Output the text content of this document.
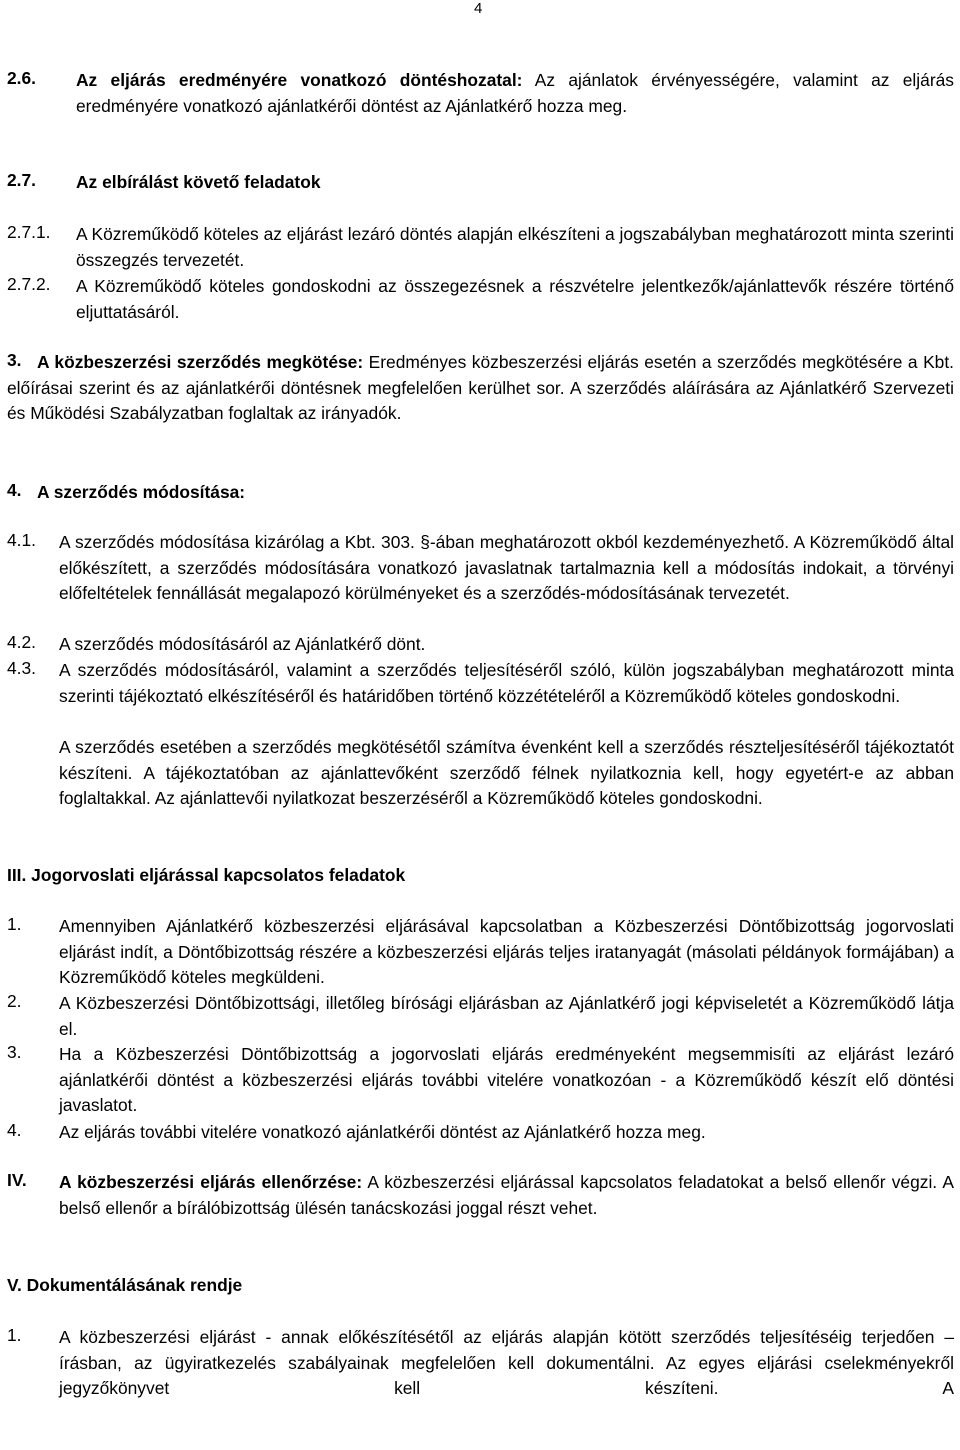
4
2.6. Az eljárás eredményére vonatkozó döntéshozatal: Az ajánlatok érvényességére, valamint az eljárás eredményére vonatkozó ajánlatkérői döntést az Ajánlatkérő hozza meg.
2.7. Az elbírálást követő feladatok
2.7.1. A Közreműködő köteles az eljárást lezáró döntés alapján elkészíteni a jogszabályban meghatározott minta szerinti összegzés tervezetét.
2.7.2. A Közreműködő köteles gondoskodni az összegezésnek a részvételre jelentkezők/ajánlattevők részére történő eljuttatásáról.
3. A közbeszerzési szerződés megkötése: Eredményes közbeszerzési eljárás esetén a szerződés megkötésére a Kbt. előírásai szerint és az ajánlatkérői döntésnek megfelelően kerülhet sor. A szerződés aláírására az Ajánlatkérő Szervezeti és Működési Szabályzatban foglaltak az irányadók.
4. A szerződés módosítása:
4.1. A szerződés módosítása kizárólag a Kbt. 303. §-ában meghatározott okból kezdeményezhető. A Közreműködő által előkészített, a szerződés módosítására vonatkozó javaslatnak tartalmaznia kell a módosítás indokait, a törvényi előfeltételek fennállását megalapozó körülményeket és a szerződés-módosításának tervezetét.
4.2. A szerződés módosításáról az Ajánlatkérő dönt.
4.3. A szerződés módosításáról, valamint a szerződés teljesítéséről szóló, külön jogszabályban meghatározott minta szerinti tájékoztató elkészítéséről és határidőben történő közzétételéről a Közreműködő köteles gondoskodni.
A szerződés esetében a szerződés megkötésétől számítva évenként kell a szerződés részteljesítéséről tájékoztatót készíteni. A tájékoztatóban az ajánlattevőként szerződő félnek nyilatkoznia kell, hogy egyetért-e az abban foglaltakkal. Az ajánlattevői nyilatkozat beszerzéséről a Közreműködő köteles gondoskodni.
III. Jogorvoslati eljárással kapcsolatos feladatok
1. Amennyiben Ajánlatkérő közbeszerzési eljárásával kapcsolatban a Közbeszerzési Döntőbizottság jogorvoslati eljárást indít, a Döntőbizottság részére a közbeszerzési eljárás teljes iratanyagát (másolati példányok formájában) a Közreműködő köteles megküldeni.
2. A Közbeszerzési Döntőbizottsági, illetőleg bírósági eljárásban az Ajánlatkérő jogi képviseletét a Közreműködő látja el.
3. Ha a Közbeszerzési Döntőbizottság a jogorvoslati eljárás eredményeként megsemmisíti az eljárást lezáró ajánlatkérői döntést a közbeszerzési eljárás további vitelére vonatkozóan - a Közreműködő készít elő döntési javaslatot.
4. Az eljárás további vitelére vonatkozó ajánlatkérői döntést az Ajánlatkérő hozza meg.
IV. A közbeszerzési eljárás ellenőrzése: A közbeszerzési eljárással kapcsolatos feladatokat a belső ellenőr végzi. A belső ellenőr a bírálóbizottság ülésén tanácskozási joggal részt vehet.
V. Dokumentálásának rendje
1. A közbeszerzési eljárást - annak előkészítésétől az eljárás alapján kötött szerződés teljesítéséig terjedően – írásban, az ügyiratkezelés szabályainak megfelelően kell dokumentálni. Az egyes eljárási cselekményekről jegyzőkönyvet kell készíteni. A
